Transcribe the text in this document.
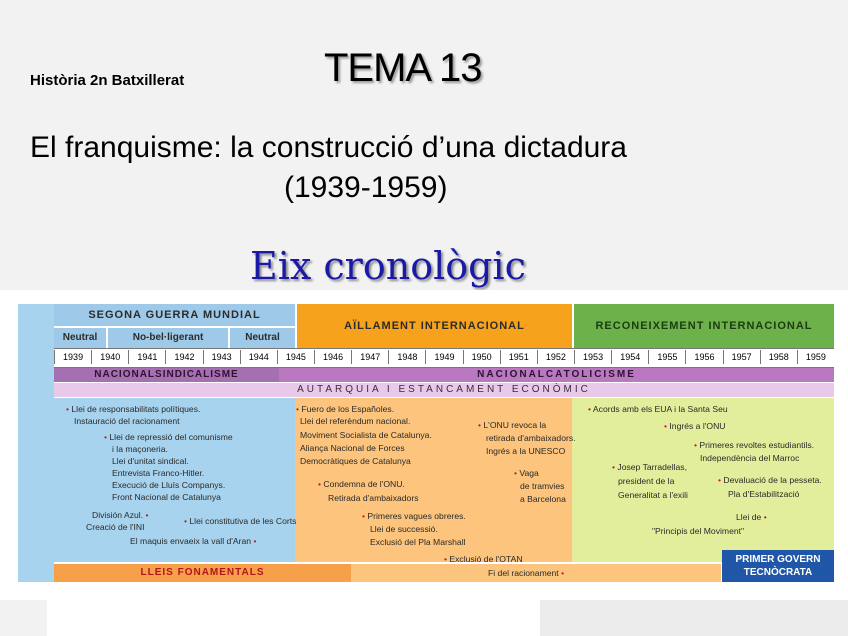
Història 2n Batxillerat	TEMA 13
El franquisme: la construcció d’una dictadura
(1939-1959)
Eix cronològic
SEGONA GUERRA MUNDIAL
Neutral	No-bel·ligerant	Neutral
AÏLLAMENT INTERNACIONAL	RECONEIXEMENT INTERNACIONAL
1939	1940	1941	1942	1943	1944	1945	1946	1947	1948	1949	1950	1951	1952	1953	1954	1955	1956	1957	1958	1959
NACIONALSINDICALISME	NACIONALCATOLICISME
AUTARQUIA I ESTANCAMENT ECONÒMIC
LLEIS FONAMENTALS
PRIMER GOVERN TECNÒCRATA
• Llei de responsabilitats polítiques.
Instauració del racionament
• Llei de repressió del comunisme
i la maçoneria.
Llei d'unitat sindical.
Entrevista Franco-Hitler.
Execució de Lluís Companys.
Front Nacional de Catalunya
División Azul. •
Creació de l'INI
• Llei constitutiva de les Corts
El maquis envaeix la vall d'Aran •
• Fuero de los Españoles.
Llei del referèndum nacional.
Moviment Socialista de Catalunya.
Aliança Nacional de Forces
Democràtiques de Catalunya
• Condemna de l'ONU.
Retirada d'ambaixadors
• L'ONU revoca la
retirada d'ambaixadors.
Ingrés a la UNESCO
• Vaga
de tramvies
a Barcelona
• Primeres vagues obreres.
Llei de successió.
Exclusió del Pla Marshall
• Exclusió de l'OTAN
Fi del racionament •
• Acords amb els EUA i la Santa Seu
• Ingrés a l'ONU
• Primeres revoltes estudiantils.
Independència del Marroc
• Josep Tarradellas,
president de la
Generalitat a l'exili
• Devaluació de la pesseta.
Pla d'Estabilització
Llei de •
"Principis del Moviment"
